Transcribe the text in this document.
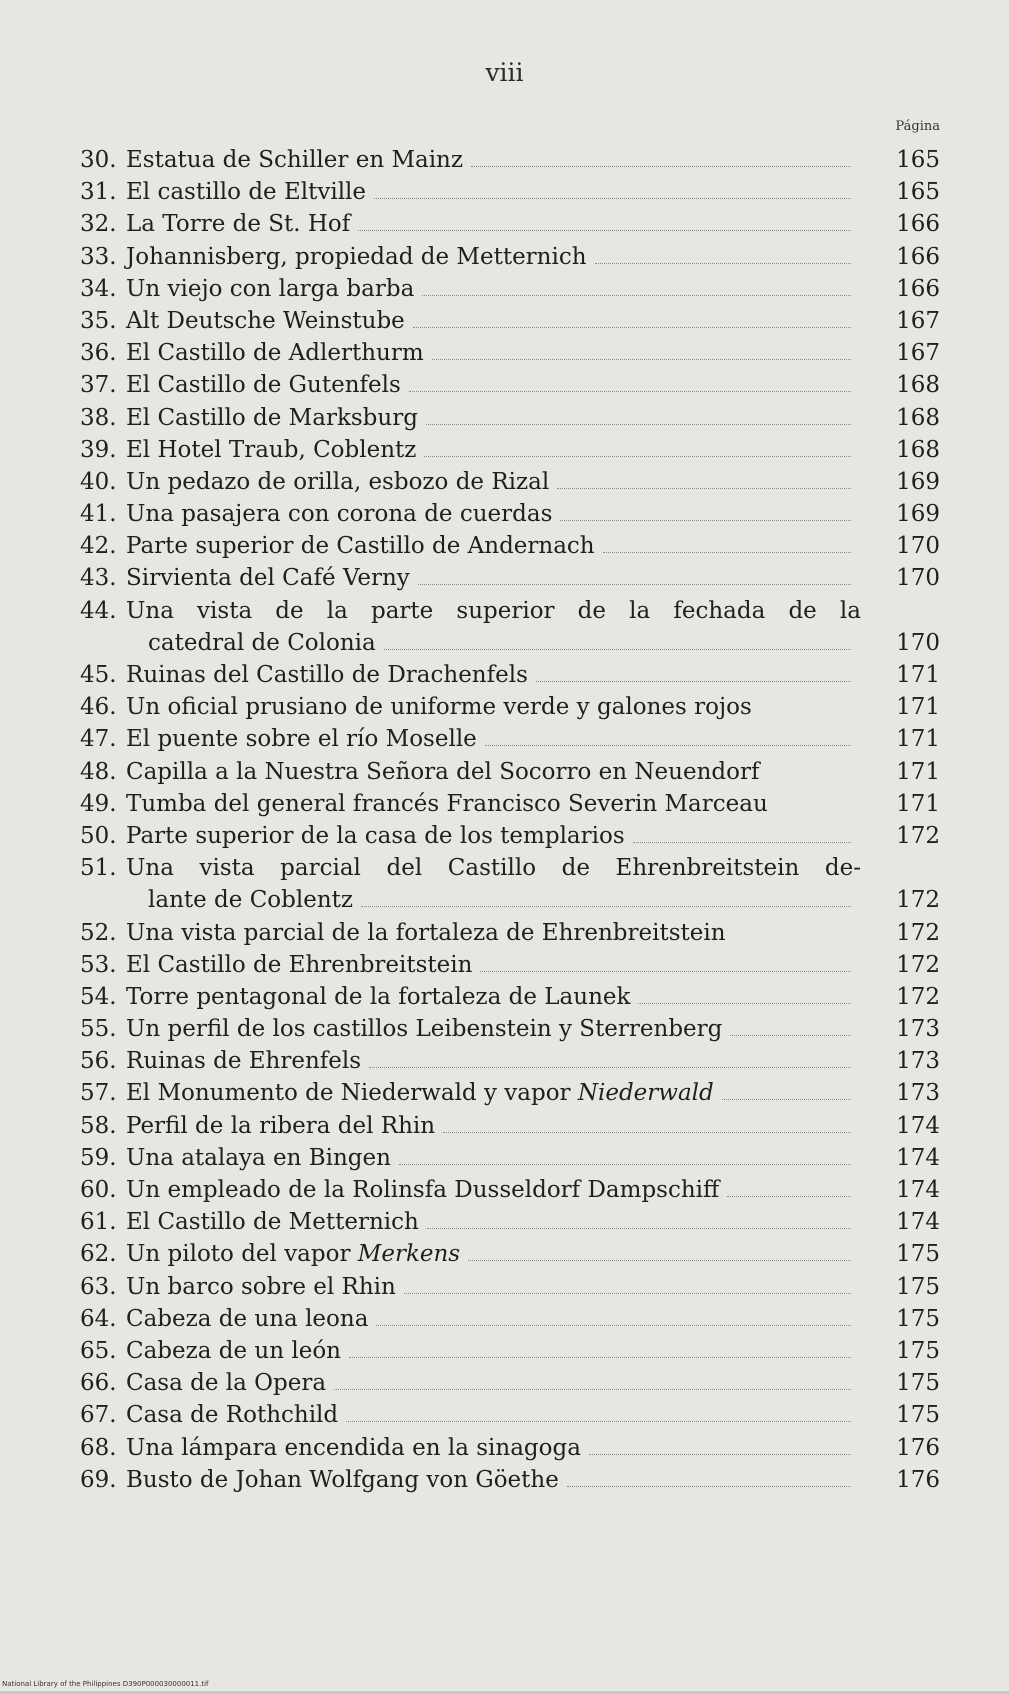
viii
Página
30. Estatua de Schiller en Mainz	165
31. El castillo de Eltville	165
32. La Torre de St. Hof	166
33. Johannisberg, propiedad de Metternich	166
34. Un viejo con larga barba	166
35. Alt Deutsche Weinstube	167
36. El Castillo de Adlerthurm	167
37. El Castillo de Gutenfels	168
38. El Castillo de Marksburg	168
39. El Hotel Traub, Coblentz	168
40. Un pedazo de orilla, esbozo de Rizal	169
41. Una pasajera con corona de cuerdas	169
42. Parte superior de Castillo de Andernach	170
43. Sirvienta del Café Verny	170
44. Una vista de la parte superior de la fechada de la
catedral de Colonia	170
45. Ruinas del Castillo de Drachenfels	171
46. Un oficial prusiano de uniforme verde y galones rojos	171
47. El puente sobre el río Moselle	171
48. Capilla a la Nuestra Señora del Socorro en Neuendorf	171
49. Tumba del general francés Francisco Severin Marceau	171
50. Parte superior de la casa de los templarios	172
51. Una vista parcial del Castillo de Ehrenbreitstein de-
lante de Coblentz	172
52. Una vista parcial de la fortaleza de Ehrenbreitstein	172
53. El Castillo de Ehrenbreitstein	172
54. Torre pentagonal de la fortaleza de Launek	172
55. Un perfil de los castillos Leibenstein y Sterrenberg	173
56. Ruinas de Ehrenfels	173
57. El Monumento de Niederwald y vapor Niederwald	173
58. Perfil de la ribera del Rhin	174
59. Una atalaya en Bingen	174
60. Un empleado de la Rolinsfa Dusseldorf Dampschiff	174
61. El Castillo de Metternich	174
62. Un piloto del vapor Merkens	175
63. Un barco sobre el Rhin	175
64. Cabeza de una leona	175
65. Cabeza de un león	175
66. Casa de la Opera	175
67. Casa de Rothchild	175
68. Una lámpara encendida en la sinagoga	176
69. Busto de Johan Wolfgang von Göethe	176
National Library of the Philippines D390P000030000011.tif
